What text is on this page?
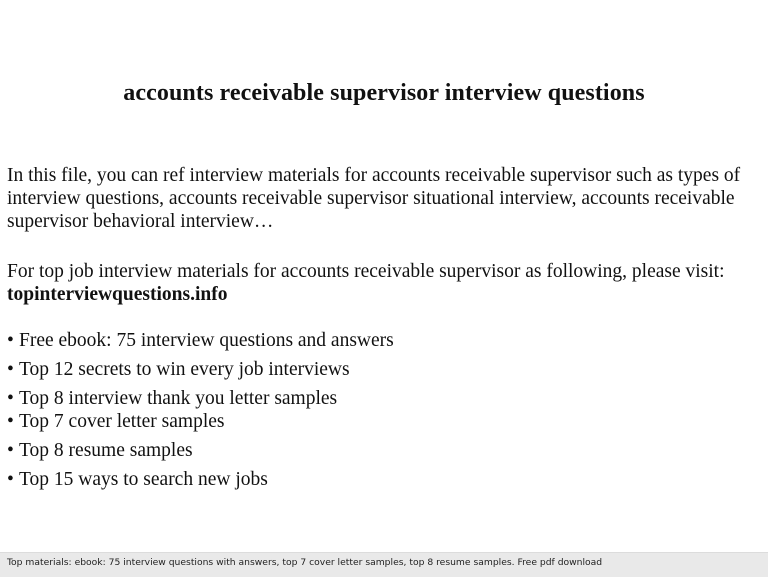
accounts receivable supervisor interview questions

In this file, you can ref interview materials for accounts receivable supervisor such as types of interview questions, accounts receivable supervisor situational interview, accounts receivable supervisor behavioral interview…

For top job interview materials for accounts receivable supervisor as following, please visit: topinterviewquestions.info

• Free ebook: 75 interview questions and answers
• Top 12 secrets to win every job interviews
• Top 8 interview thank you letter samples
• Top 7 cover letter samples
• Top 8 resume samples
• Top 15 ways to search new jobs
Top materials: ebook: 75 interview questions with answers, top 7 cover letter samples, top 8 resume samples. Free pdf download
